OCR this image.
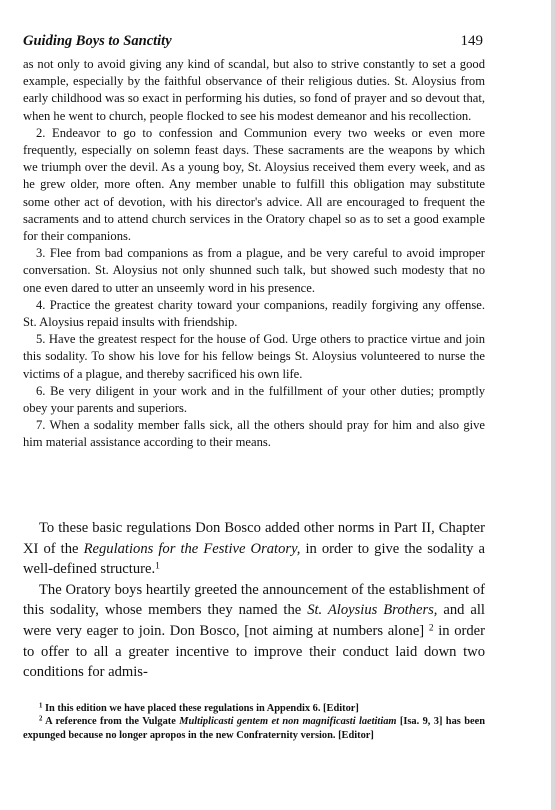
Guiding Boys to Sanctity	149

as not only to avoid giving any kind of scandal, but also to strive constantly to set a good example, especially by the faithful observance of their religious duties. St. Aloysius from early childhood was so exact in performing his duties, so fond of prayer and so devout that, when he went to church, people flocked to see his modest demeanor and his recollection.

2. Endeavor to go to confession and Communion every two weeks or even more frequently, especially on solemn feast days. These sacraments are the weapons by which we triumph over the devil. As a young boy, St. Aloysius received them every week, and as he grew older, more often. Any member unable to fulfill this obligation may substitute some other act of devotion, with his director's advice. All are encouraged to frequent the sacraments and to attend church services in the Oratory chapel so as to set a good example for their companions.

3. Flee from bad companions as from a plague, and be very careful to avoid improper conversation. St. Aloysius not only shunned such talk, but showed such modesty that no one even dared to utter an unseemly word in his presence.

4. Practice the greatest charity toward your companions, readily forgiving any offense. St. Aloysius repaid insults with friendship.

5. Have the greatest respect for the house of God. Urge others to practice virtue and join this sodality. To show his love for his fellow beings St. Aloysius volunteered to nurse the victims of a plague, and thereby sacrificed his own life.

6. Be very diligent in your work and in the fulfillment of your other duties; promptly obey your parents and superiors.

7. When a sodality member falls sick, all the others should pray for him and also give him material assistance according to their means.

To these basic regulations Don Bosco added other norms in Part II, Chapter XI of the Regulations for the Festive Oratory, in order to give the sodality a well-defined structure.$^1$

The Oratory boys heartily greeted the announcement of the establishment of this sodality, whose members they named the St. Aloysius Brothers, and all were very eager to join. Don Bosco, [not aiming at numbers alone] $^2$ in order to offer to all a greater incentive to improve their conduct laid down two conditions for admis-

$^1$ In this edition we have placed these regulations in Appendix 6. [Editor]

$^2$ A reference from the Vulgate Multiplicasti gentem et non magnificasti laetitiam [Isa. 9, 3] has been expunged because no longer apropos in the new Confraternity version. [Editor]
